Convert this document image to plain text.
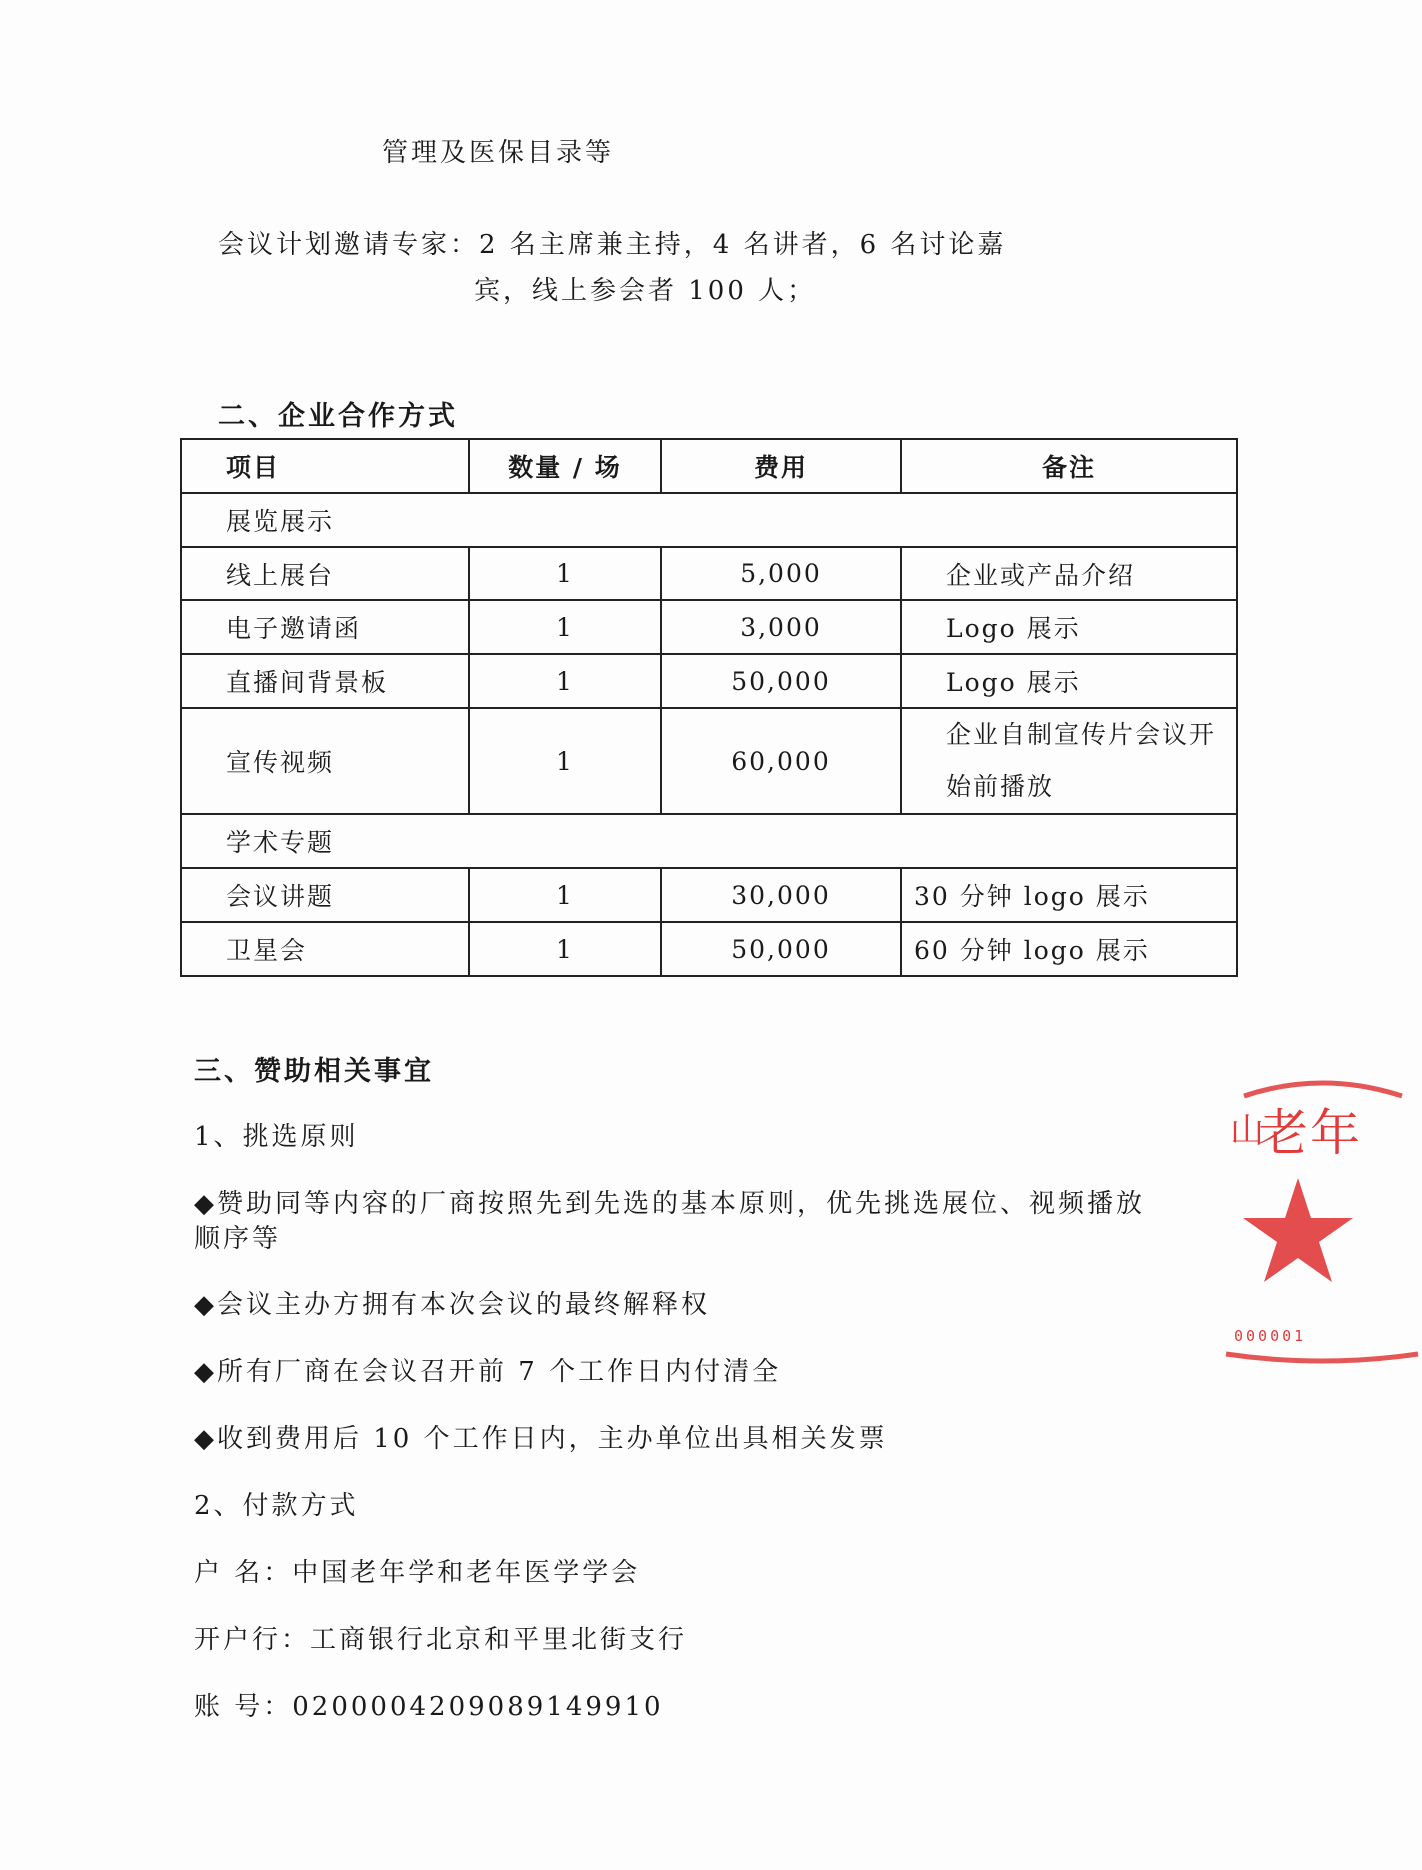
管理及医保目录等
会议计划邀请专家：2 名主席兼主持，4 名讲者，6 名讨论嘉
宾，线上参会者 100 人；
二、企业合作方式
项目	数量 / 场	费用	备注
展览展示			
线上展台	1	5,000	企业或产品介绍
电子邀请函	1	3,000	Logo 展示
直播间背景板	1	50,000	Logo 展示
宣传视频	1	60,000	企业自制宣传片会议开
始前播放
学术专题			
会议讲题	1	30,000	30 分钟 logo 展示
卫星会	1	50,000	60 分钟 logo 展示
三、赞助相关事宜
1、挑选原则
◆赞助同等内容的厂商按照先到先选的基本原则，优先挑选展位、视频播放
顺序等
◆会议主办方拥有本次会议的最终解释权
◆所有厂商在会议召开前 7 个工作日内付清全
◆收到费用后 10 个工作日内，主办单位出具相关发票
2、付款方式
户 名：中国老年学和老年医学学会
开户行：工商银行北京和平里北街支行
账 号：0200004209089149910
山
老年
000001
